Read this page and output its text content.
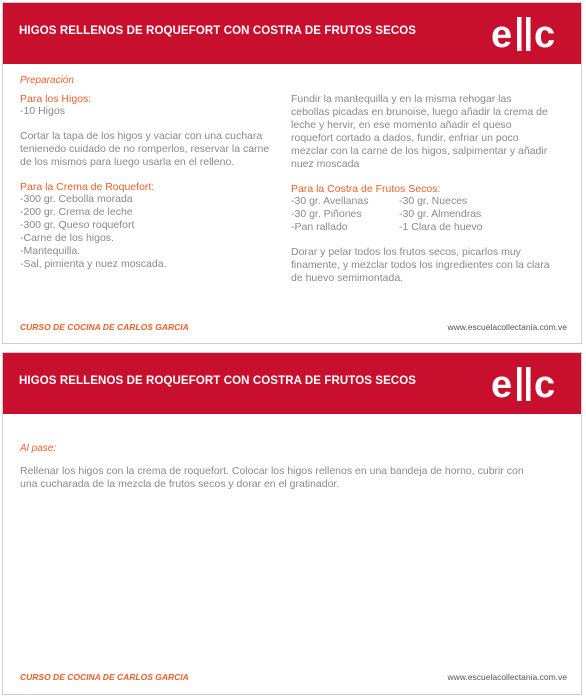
HIGOS RELLENOS DE ROQUEFORT CON COSTRA DE FRUTOS SECOS e c
Preparación

Para los Higos:

-10 Higos

Cortar la tapa de los higos y vaciar con una cuchara tenienedo cuidado de no romperlos, reservar la carne de los mismos para luego usarla en el relleno.

Para la Crema de Roquefort:

-300 gr. Cebolla morada

-200 gr. Crema de leche

-300 gr. Queso roquefort

-Carne de los higos.

-Mantequilla.

-Sal, pimienta y nuez moscada.

Fundir la mantequilla y en la misma rehogar las cebollas picadas en brunoise, luego añadir la crema de leche y hervir, en ese momento añadir el queso roquefort cortado a dados, fundir, enfriar un poco mezclar con la carne de los higos, salpimentar y añadir nuez moscada

Para la Costra de Frutos Secos:

-30 gr. Avellanas

-30 gr. Piñones

-Pan rallado

-30 gr. Nueces

-30 gr. Almendras

-1 Clara de huevo

Dorar y pelar todos los frutos secos, picarlos muy finamente, y mezclar todos los ingredientes con la clara de huevo semimontada.

CURSO DE COCINA DE CARLOS GARCIA	www.escuelacollectania.com.ve
HIGOS RELLENOS DE ROQUEFORT CON COSTRA DE FRUTOS SECOS e c
Al pase:

Rellenar los higos con la crema de roquefort. Colocar los higos rellenos en una bandeja de horno, cubrir con una cucharada de la mezcla de frutos secos y dorar en el gratinador.

CURSO DE COCINA DE CARLOS GARCIA	www.escuelacollectania.com.ve
